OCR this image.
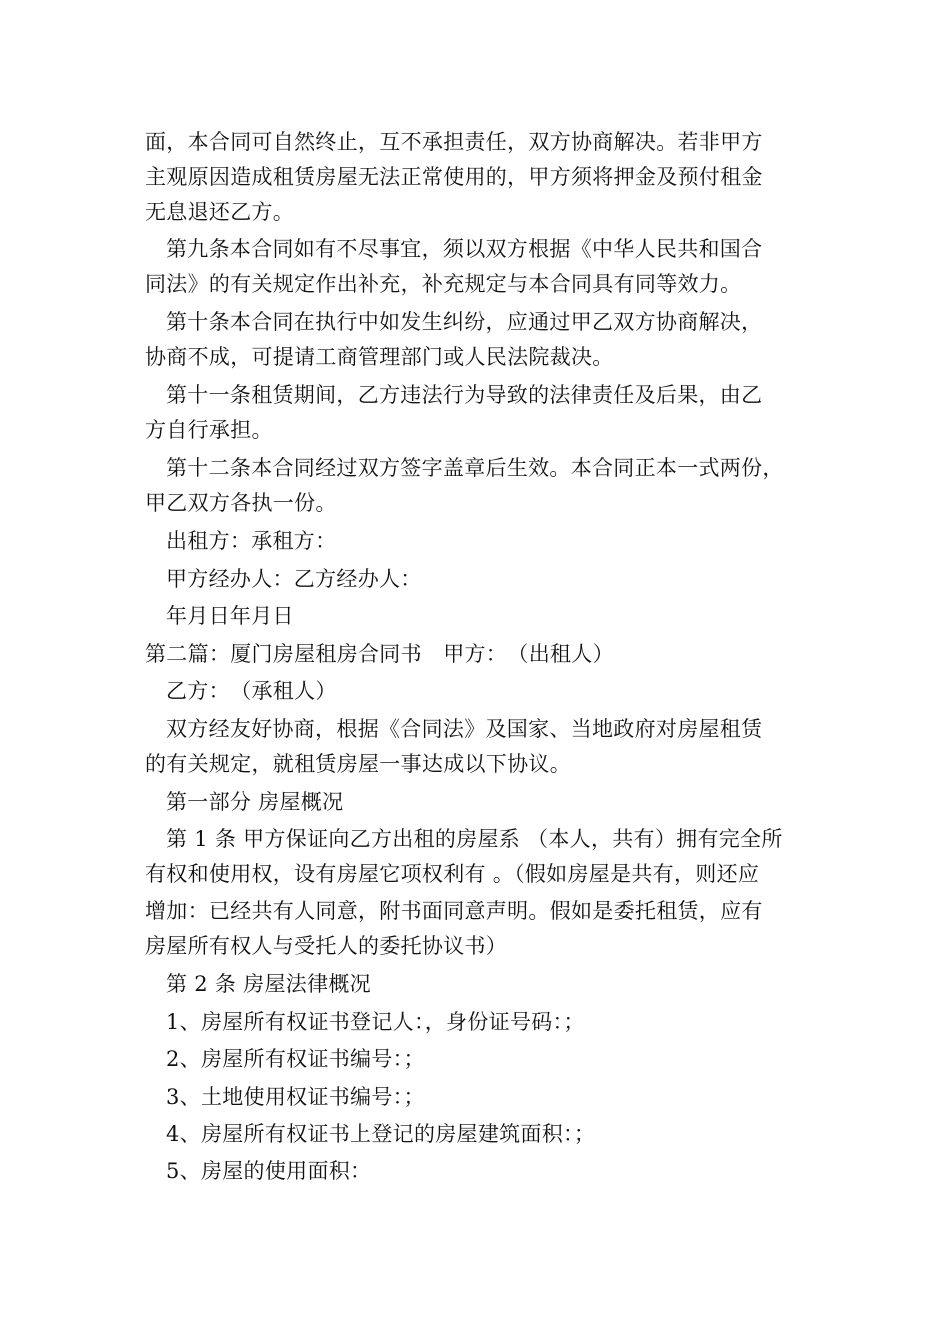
面，本合同可自然终止，互不承担责任，双方协商解决。若非甲方
主观原因造成租赁房屋无法正常使用的，甲方须将押金及预付租金
无息退还乙方。
第九条本合同如有不尽事宜，须以双方根据《中华人民共和国合
同法》的有关规定作出补充，补充规定与本合同具有同等效力。
第十条本合同在执行中如发生纠纷，应通过甲乙双方协商解决，
协商不成，可提请工商管理部门或人民法院裁决。
第十一条租赁期间，乙方违法行为导致的法律责任及后果，由乙
方自行承担。
第十二条本合同经过双方签字盖章后生效。本合同正本一式两份，
甲乙双方各执一份。
出租方：承租方：
甲方经办人：乙方经办人：
年月日年月日
第二篇：厦门房屋租房合同书　甲方：　（出租人）
乙方：　（承租人）
双方经友好协商，根据《合同法》及国家、当地政府对房屋租赁
的有关规定，就租赁房屋一事达成以下协议。
第一部分 房屋概况
第 1 条 甲方保证向乙方出租的房屋系 （本人，共有）拥有完全所
有权和使用权，设有房屋它项权利有 。（假如房屋是共有，则还应
增加：已经共有人同意，附书面同意声明。假如是委托租赁，应有
房屋所有权人与受托人的委托协议书）
第 2 条 房屋法律概况
1、房屋所有权证书登记人：，身份证号码：；
2、房屋所有权证书编号：；
3、土地使用权证书编号：；
4、房屋所有权证书上登记的房屋建筑面积：；
5、房屋的使用面积：
